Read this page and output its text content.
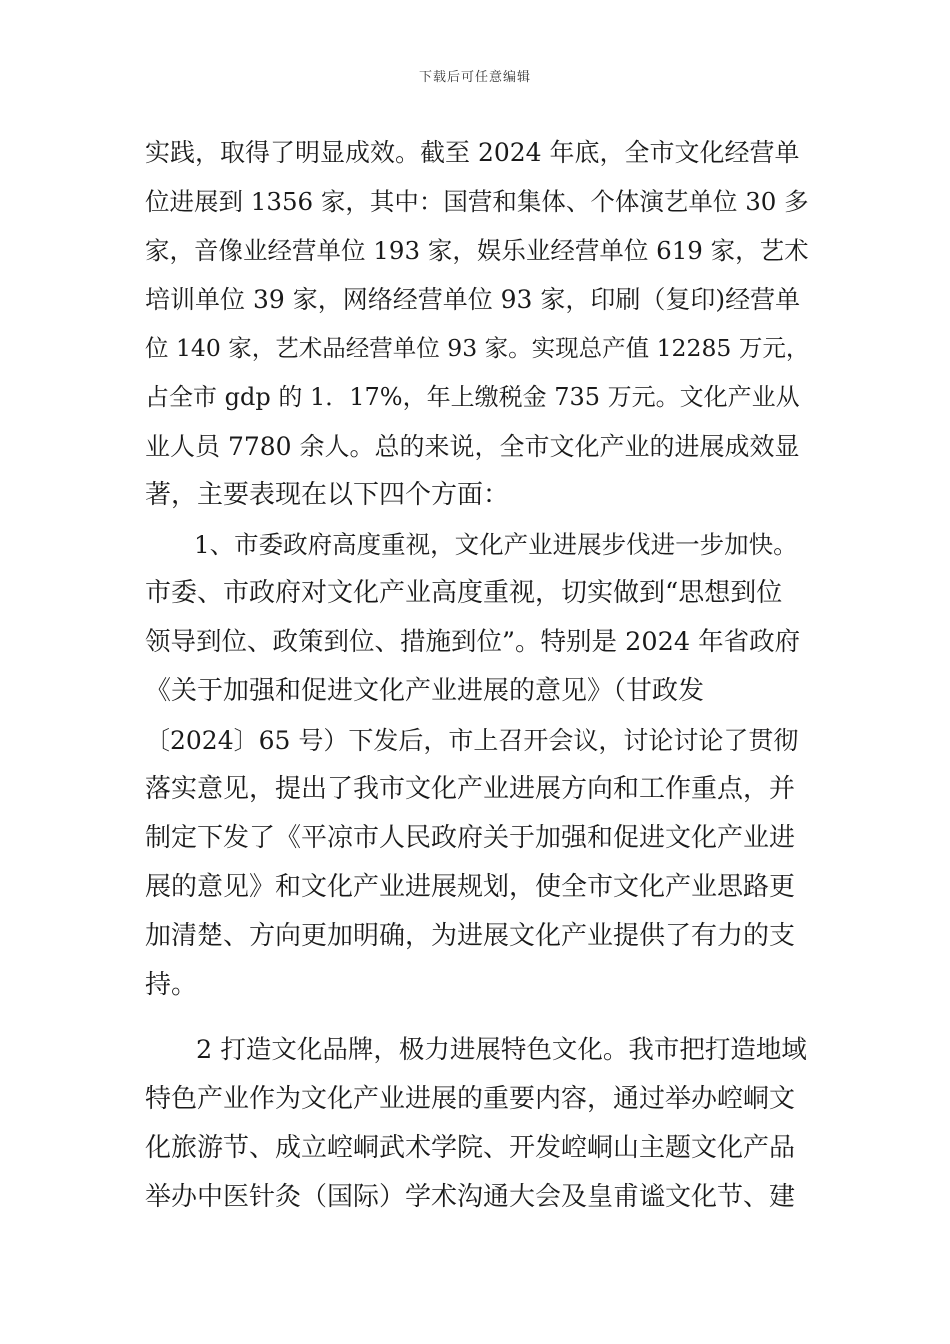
下载后可任意编辑
实践，取得了明显成效。截至 2024 年底，全市文化经营单
位进展到 1356 家，其中：国营和集体、个体演艺单位 30 多
家，音像业经营单位 193 家，娱乐业经营单位 619 家，艺术
培训单位 39 家，网络经营单位 93 家，印刷（复印)经营单
位 140 家，艺术品经营单位 93 家。实现总产值 12285 万元，
占全市 gdp 的 1．17%，年上缴税金 735 万元。文化产业从
业人员 7780 余人。总的来说，全市文化产业的进展成效显
著，主要表现在以下四个方面：
　　1、市委政府高度重视，文化产业进展步伐进一步加快。
市委、市政府对文化产业高度重视，切实做到“思想到位
领导到位、政策到位、措施到位”。特别是 2024 年省政府
《关于加强和促进文化产业进展的意见》（甘政发
〔2024〕65 号）下发后，市上召开会议，讨论讨论了贯彻
落实意见，提出了我市文化产业进展方向和工作重点，并
制定下发了《平凉市人民政府关于加强和促进文化产业进
展的意见》和文化产业进展规划，使全市文化产业思路更
加清楚、方向更加明确，为进展文化产业提供了有力的支
持。
　　2 打造文化品牌，极力进展特色文化。我市把打造地域
特色产业作为文化产业进展的重要内容，通过举办崆峒文
化旅游节、成立崆峒武术学院、开发崆峒山主题文化产品
举办中医针灸（国际）学术沟通大会及皇甫谧文化节、建
